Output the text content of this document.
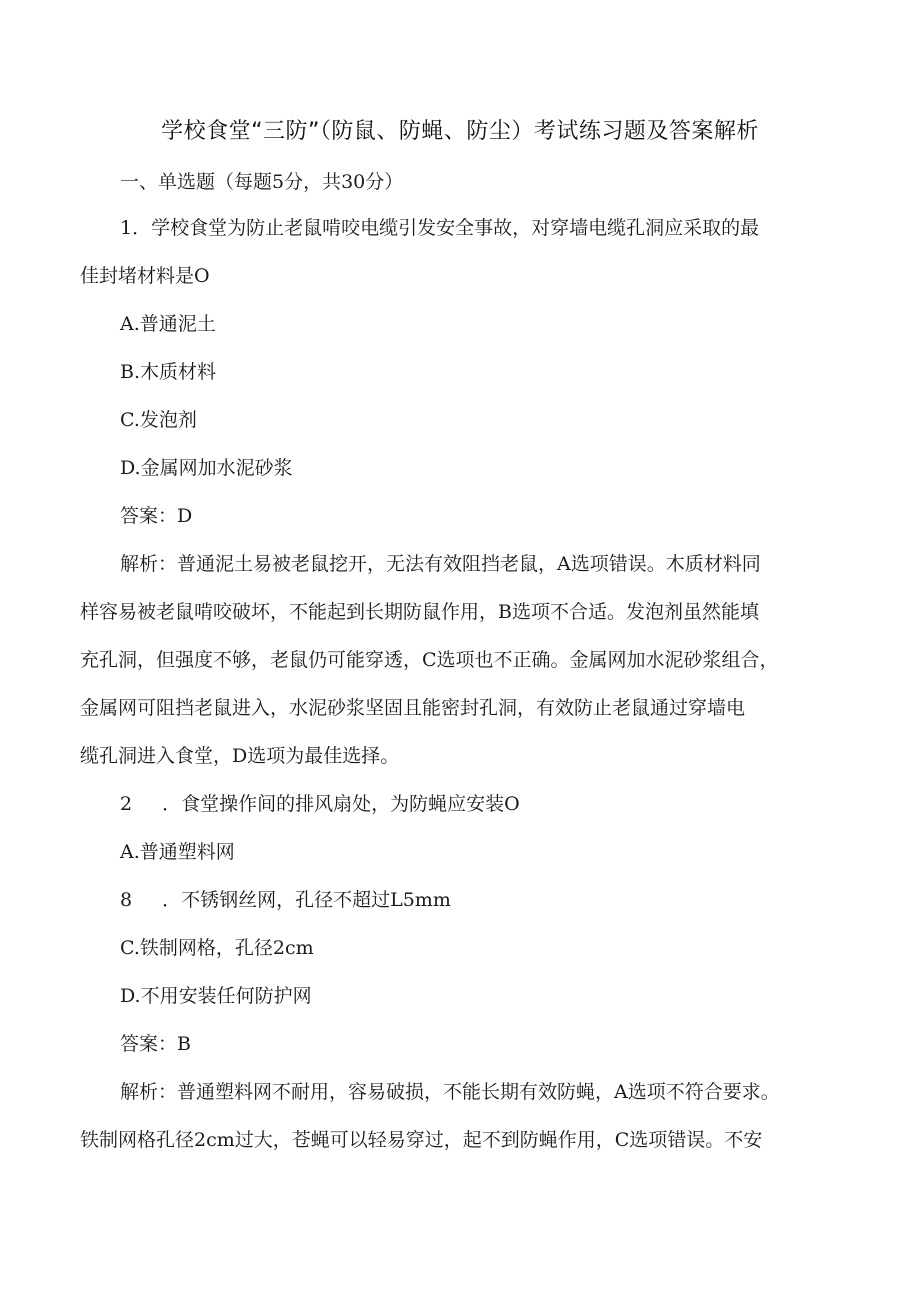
学校食堂“三防”（防鼠、防蝇、防尘）考试练习题及答案解析
一、单选题（每题5分，共30分）
1．学校食堂为防止老鼠啃咬电缆引发安全事故，对穿墙电缆孔洞应采取的最
佳封堵材料是O
A.普通泥土
B.木质材料
C.发泡剂
D.金属网加水泥砂浆
答案：D
解析：普通泥土易被老鼠挖开，无法有效阻挡老鼠，A选项错误。木质材料同
样容易被老鼠啃咬破坏，不能起到长期防鼠作用，B选项不合适。发泡剂虽然能填
充孔洞，但强度不够，老鼠仍可能穿透，C选项也不正确。金属网加水泥砂浆组合，
金属网可阻挡老鼠进入，水泥砂浆坚固且能密封孔洞，有效防止老鼠通过穿墙电
缆孔洞进入食堂，D选项为最佳选择。
2 ．食堂操作间的排风扇处，为防蝇应安装O
A.普通塑料网
8 ．不锈钢丝网，孔径不超过L5mm
C.铁制网格，孔径2cm
D.不用安装任何防护网
答案：B
解析：普通塑料网不耐用，容易破损，不能长期有效防蝇，A选项不符合要求。
铁制网格孔径2cm过大，苍蝇可以轻易穿过，起不到防蝇作用，C选项错误。不安
